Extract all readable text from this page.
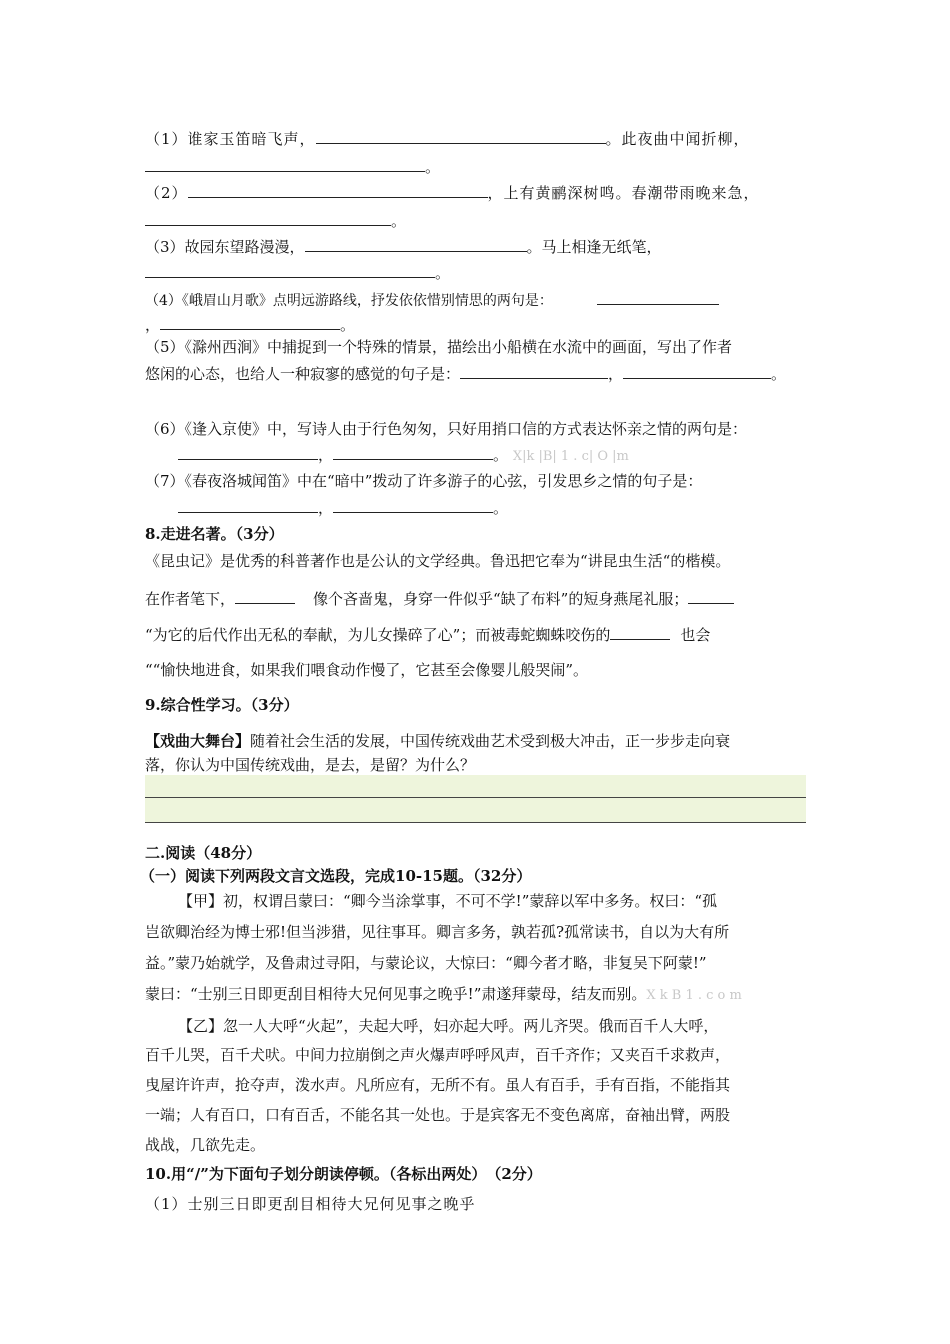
（1）谁家玉笛暗飞声，	。此夜曲中闻折柳，
。
（2）	，上有黄鹂深树鸣。春潮带雨晚来急，
。
（3）故园东望路漫漫，	。马上相逢无纸笔，
。
（4）《峨眉山月歌》点明远游路线，抒发依依惜别情思的两句是：
，	。
（5）《滁州西涧》中捕捉到一个特殊的情景，描绘出小船横在水流中的画面，写出了作者
悠闲的心态，也给人一种寂寥的感觉的句子是：	，	。
（6）《逢入京使》中，写诗人由于行色匆匆，只好用捎口信的方式表达怀亲之情的两句是：
，	。 X|k |B| 1 . c| O |m
（7）《春夜洛城闻笛》中在“暗中”拨动了许多游子的心弦，引发思乡之情的句子是：
，	。
8.走进名著。（3分）
《昆虫记》是优秀的科普著作也是公认的文学经典。鲁迅把它奉为“讲昆虫生活“的楷模。
在作者笔下，	像个吝啬鬼，身穿一件似乎“缺了布料”的短身燕尾礼服；
“为它的后代作出无私的奉献，为儿女操碎了心”；而被毒蛇蜘蛛咬伤的	也会
““愉快地进食，如果我们喂食动作慢了，它甚至会像婴儿般哭闹”。
9.综合性学习。（3分）
【戏曲大舞台】随着社会生活的发展，中国传统戏曲艺术受到极大冲击，正一步步走向衰
落，你认为中国传统戏曲，是去，是留？为什么？
二.阅读（48分）
（一）阅读下列两段文言文选段，完成10-15题。（32分）
【甲】初，权谓吕蒙曰：“卿今当涂掌事，不可不学!”蒙辞以军中多务。权曰：“孤
岂欲卿治经为博士邪!但当涉猎，见往事耳。卿言多务，孰若孤?孤常读书，自以为大有所
益。”蒙乃始就学，及鲁肃过寻阳，与蒙论议，大惊曰：“卿今者才略，非复吴下阿蒙!”
蒙曰：“士别三日即更刮目相待大兄何见事之晚乎!”肃遂拜蒙母，结友而别。X k B 1 . c o m
【乙】忽一人大呼“火起”，夫起大呼，妇亦起大呼。两儿齐哭。俄而百千人大呼，
百千儿哭，百千犬吠。中间力拉崩倒之声火爆声呼呼风声，百千齐作；又夹百千求救声，
曳屋许许声，抢夺声，泼水声。凡所应有，无所不有。虽人有百手，手有百指，不能指其
一端；人有百口，口有百舌，不能名其一处也。于是宾客无不变色离席，奋袖出臂，两股
战战，几欲先走。
10.用“/”为下面句子划分朗读停顿。（各标出两处）　（2分）
（1）士别三日即更刮目相待大兄何见事之晚乎
